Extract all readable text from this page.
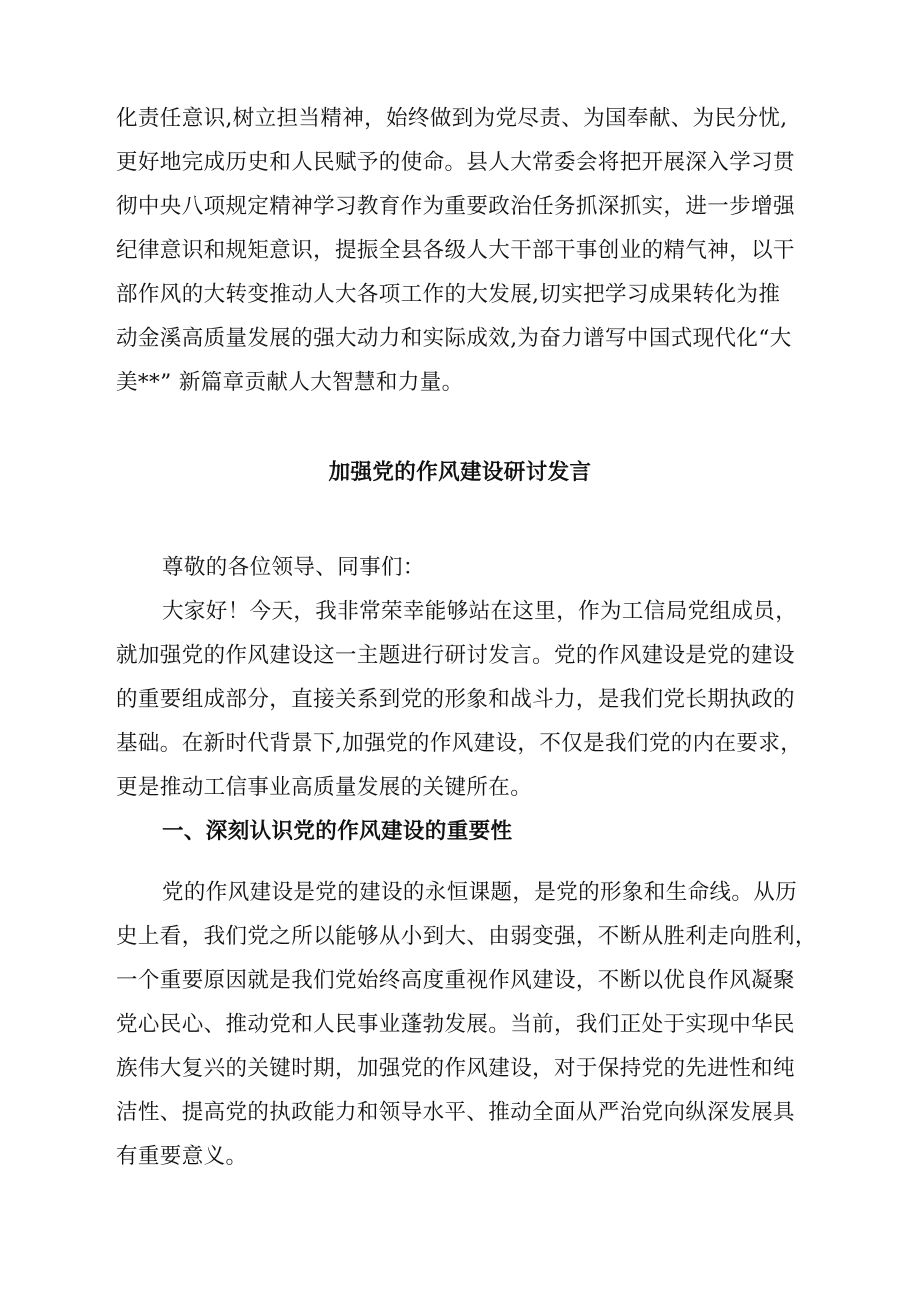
化责任意识,树立担当精神，始终做到为党尽责、为国奉献、为民分忧,
更好地完成历史和人民赋予的使命。县人大常委会将把开展深入学习贯
彻中央八项规定精神学习教育作为重要政治任务抓深抓实，进一步增强
纪律意识和规矩意识，提振全县各级人大干部干事创业的精气神，以干
部作风的大转变推动人大各项工作的大发展,切实把学习成果转化为推
动金溪高质量发展的强大动力和实际成效,为奋力谱写中国式现代化“大
美**” 新篇章贡献人大智慧和力量。
加强党的作风建设研讨发言
尊敬的各位领导、同事们：
大家好！今天，我非常荣幸能够站在这里，作为工信局党组成员，
就加强党的作风建设这一主题进行研讨发言。党的作风建设是党的建设
的重要组成部分，直接关系到党的形象和战斗力，是我们党长期执政的
基础。在新时代背景下,加强党的作风建设，不仅是我们党的内在要求，
更是推动工信事业高质量发展的关键所在。
一、深刻认识党的作风建设的重要性
党的作风建设是党的建设的永恒课题，是党的形象和生命线。从历
史上看，我们党之所以能够从小到大、由弱变强，不断从胜利走向胜利，
一个重要原因就是我们党始终高度重视作风建设，不断以优良作风凝聚
党心民心、推动党和人民事业蓬勃发展。当前，我们正处于实现中华民
族伟大复兴的关键时期，加强党的作风建设，对于保持党的先进性和纯
洁性、提高党的执政能力和领导水平、推动全面从严治党向纵深发展具
有重要意义。
